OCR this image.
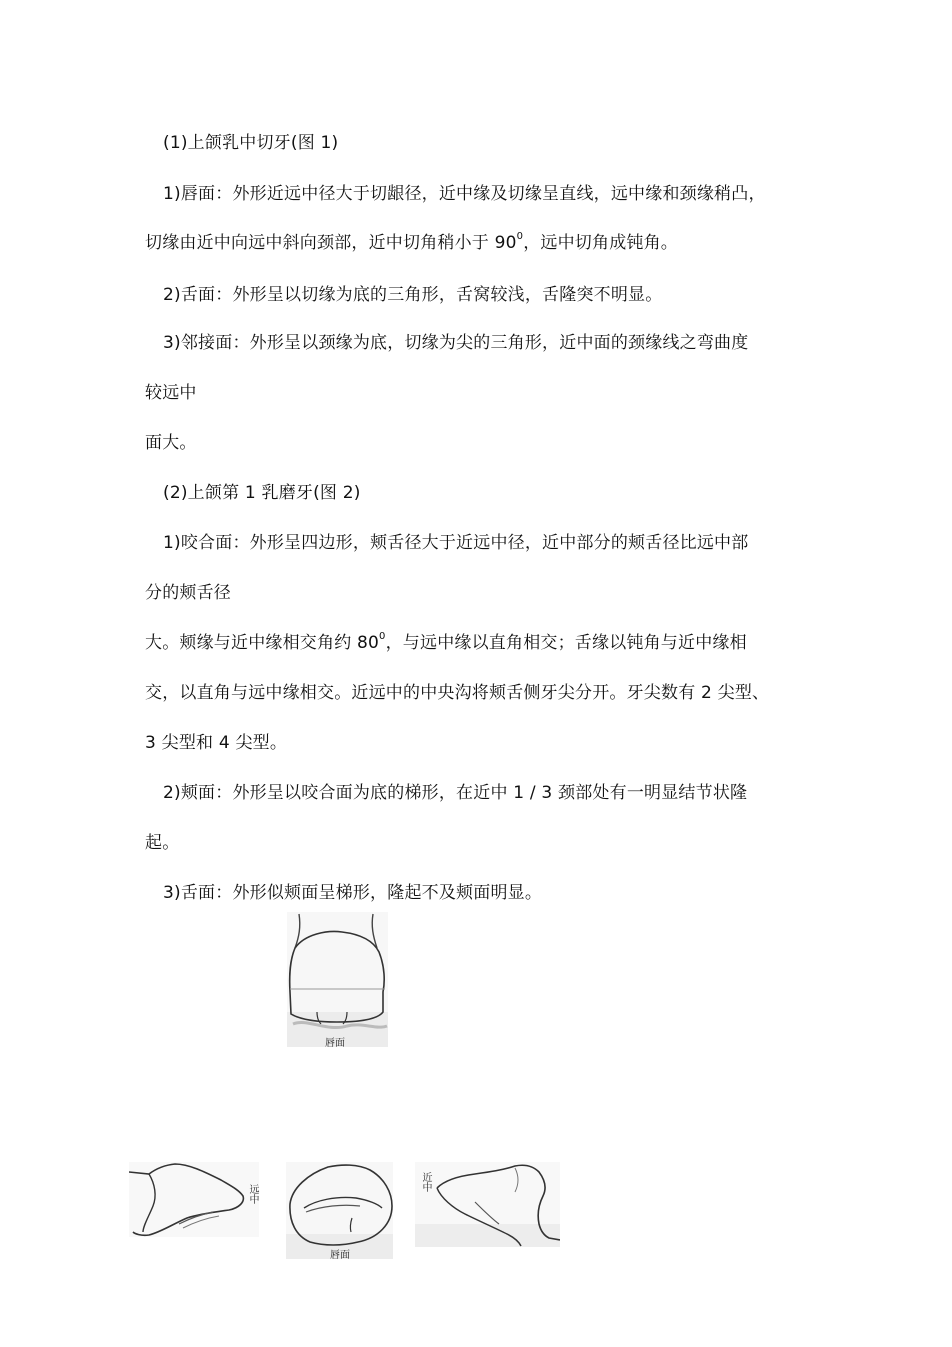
(1)上颌乳中切牙(图 1)
1)唇面：外形近远中径大于切龈径，近中缘及切缘呈直线，远中缘和颈缘稍凸，
切缘由近中向远中斜向颈部，近中切角稍小于 $90^0$，远中切角成钝角。
2)舌面：外形呈以切缘为底的三角形，舌窝较浅，舌隆突不明显。
3)邻接面：外形呈以颈缘为底，切缘为尖的三角形，近中面的颈缘线之弯曲度
较远中
面大。
(2)上颌第 1 乳磨牙(图 2)
1)咬合面：外形呈四边形，颊舌径大于近远中径，近中部分的颊舌径比远中部
分的颊舌径
大。颊缘与近中缘相交角约 $80^0$，与远中缘以直角相交；舌缘以钝角与近中缘相
交，以直角与远中缘相交。近远中的中央沟将颊舌侧牙尖分开。牙尖数有 2 尖型、
3 尖型和 4 尖型。
2)颊面：外形呈以咬合面为底的梯形，在近中 1 / 3 颈部处有一明显结节状隆
起。
3)舌面：外形似颊面呈梯形，隆起不及颊面明显。
唇面
远中
唇面
近中
